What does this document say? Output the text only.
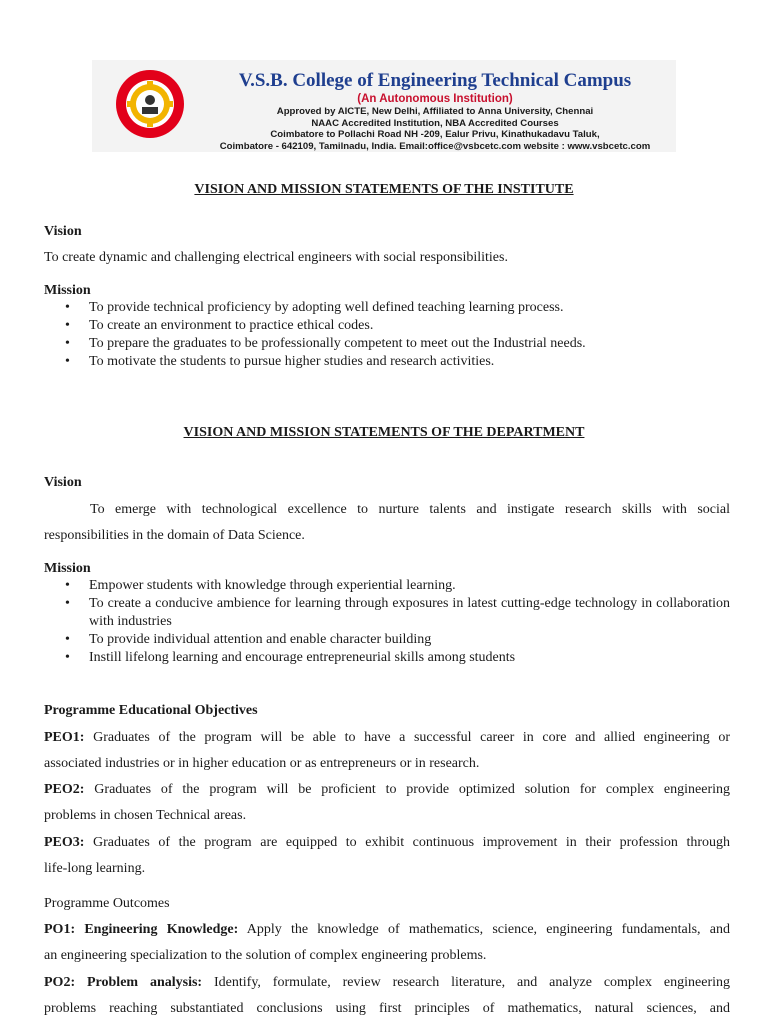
V.S.B. College of Engineering Technical Campus
(An Autonomous Institution)
Approved by AICTE, New Delhi, Affiliated to Anna University, Chennai
NAAC Accredited Institution, NBA Accredited Courses
Coimbatore to Pollachi Road NH -209, Ealur Privu, Kinathukadavu Taluk,
Coimbatore - 642109, Tamilnadu, India. Email:office@vsbcetc.com website : www.vsbcetc.com
VISION AND MISSION STATEMENTS OF THE INSTITUTE
Vision
To create dynamic and challenging electrical engineers with social responsibilities.
Mission
• To provide technical proficiency by adopting well defined teaching learning process.
• To create an environment to practice ethical codes.
• To prepare the graduates to be professionally competent to meet out the Industrial needs.
• To motivate the students to pursue higher studies and research activities.
VISION AND MISSION STATEMENTS OF THE DEPARTMENT
Vision
To emerge with technological excellence to nurture talents and instigate research skills with social
responsibilities in the domain of Data Science.
Mission
• Empower students with knowledge through experiential learning.
• To create a conducive ambience for learning through exposures in latest cutting-edge technology in collaboration with industries
• To provide individual attention and enable character building
• Instill lifelong learning and encourage entrepreneurial skills among students
Programme Educational Objectives
PEO1: Graduates of the program will be able to have a successful career in core and allied engineering or
associated industries or in higher education or as entrepreneurs or in research.
PEO2: Graduates of the program will be proficient to provide optimized solution for complex engineering
problems in chosen Technical areas.
PEO3: Graduates of the program are equipped to exhibit continuous improvement in their profession through
life-long learning.
Programme Outcomes
PO1: Engineering Knowledge: Apply the knowledge of mathematics, science, engineering fundamentals, and
an engineering specialization to the solution of complex engineering problems.
PO2: Problem analysis: Identify, formulate, review research literature, and analyze complex engineering
problems reaching substantiated conclusions using first principles of mathematics, natural sciences, and
